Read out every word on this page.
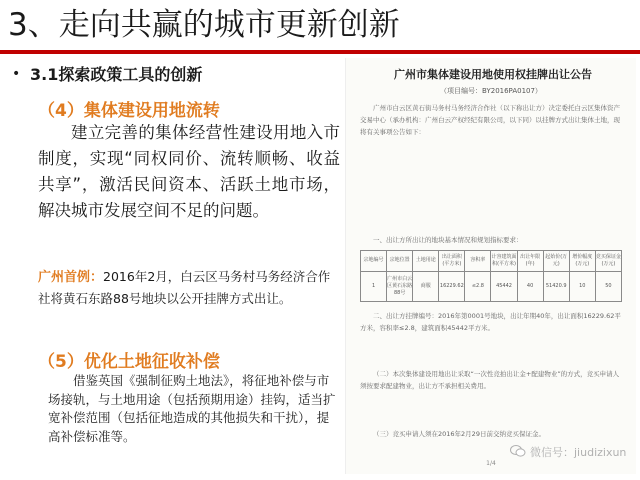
3、走向共赢的城市更新创新
• 3.1探索政策工具的创新
（4）集体建设用地流转
建立完善的集体经营性建设用地入市制度，实现“同权同价、流转顺畅、收益共享”，激活民间资本、活跃土地市场，解决城市发展空间不足的问题。
广州首例：2016年2月，白云区马务村马务经济合作社将黄石东路88号地块以公开挂牌方式出让。
（5）优化土地征收补偿
借鉴英国《强制征购土地法》，将征地补偿与市场接轨，与土地用途（包括预期用途）挂钩，适当扩宽补偿范围（包括征地造成的其他损失和干扰），提高补偿标准等。
广州市集体建设用地使用权挂牌出让公告
（项目编号：BY2016PA0107）
广州市白云区黄石街马务村马务经济合作社（以下称出让方）决定委托白云区集体资产交易中心（承办机构：广州白云产权经纪有限公司，以下同）以挂牌方式出让集体土地，现将有关事项公告如下：
一、出让方所出让的地块基本情况和规划指标要求：
宗地编号	宗地位置	土地用途	出让面积(平方米)	容积率	计容建筑面积(平方米)	出让年限(年)	起始价(万元)	增价幅度(万元)	竞买保证金(万元)
1	广州市白云区黄石东路88号	商服	16229.62	≤2.8	45442	40	51420.9	10	50
二、出让方挂牌编号：2016年第0001号地块，出让年期40年，出让面积16229.62平方米，容积率≤2.8，建筑面积45442平方米。
（二）本次集体建设用地出让采取“一次性竞拍出让金+配建物业”的方式，竞买申请人须按要求配建物业，出让方不承担相关费用。
（三）竞买申请人须在2016年2月29日前交纳竞买保证金。
1/4
微信号：jiudizixun
